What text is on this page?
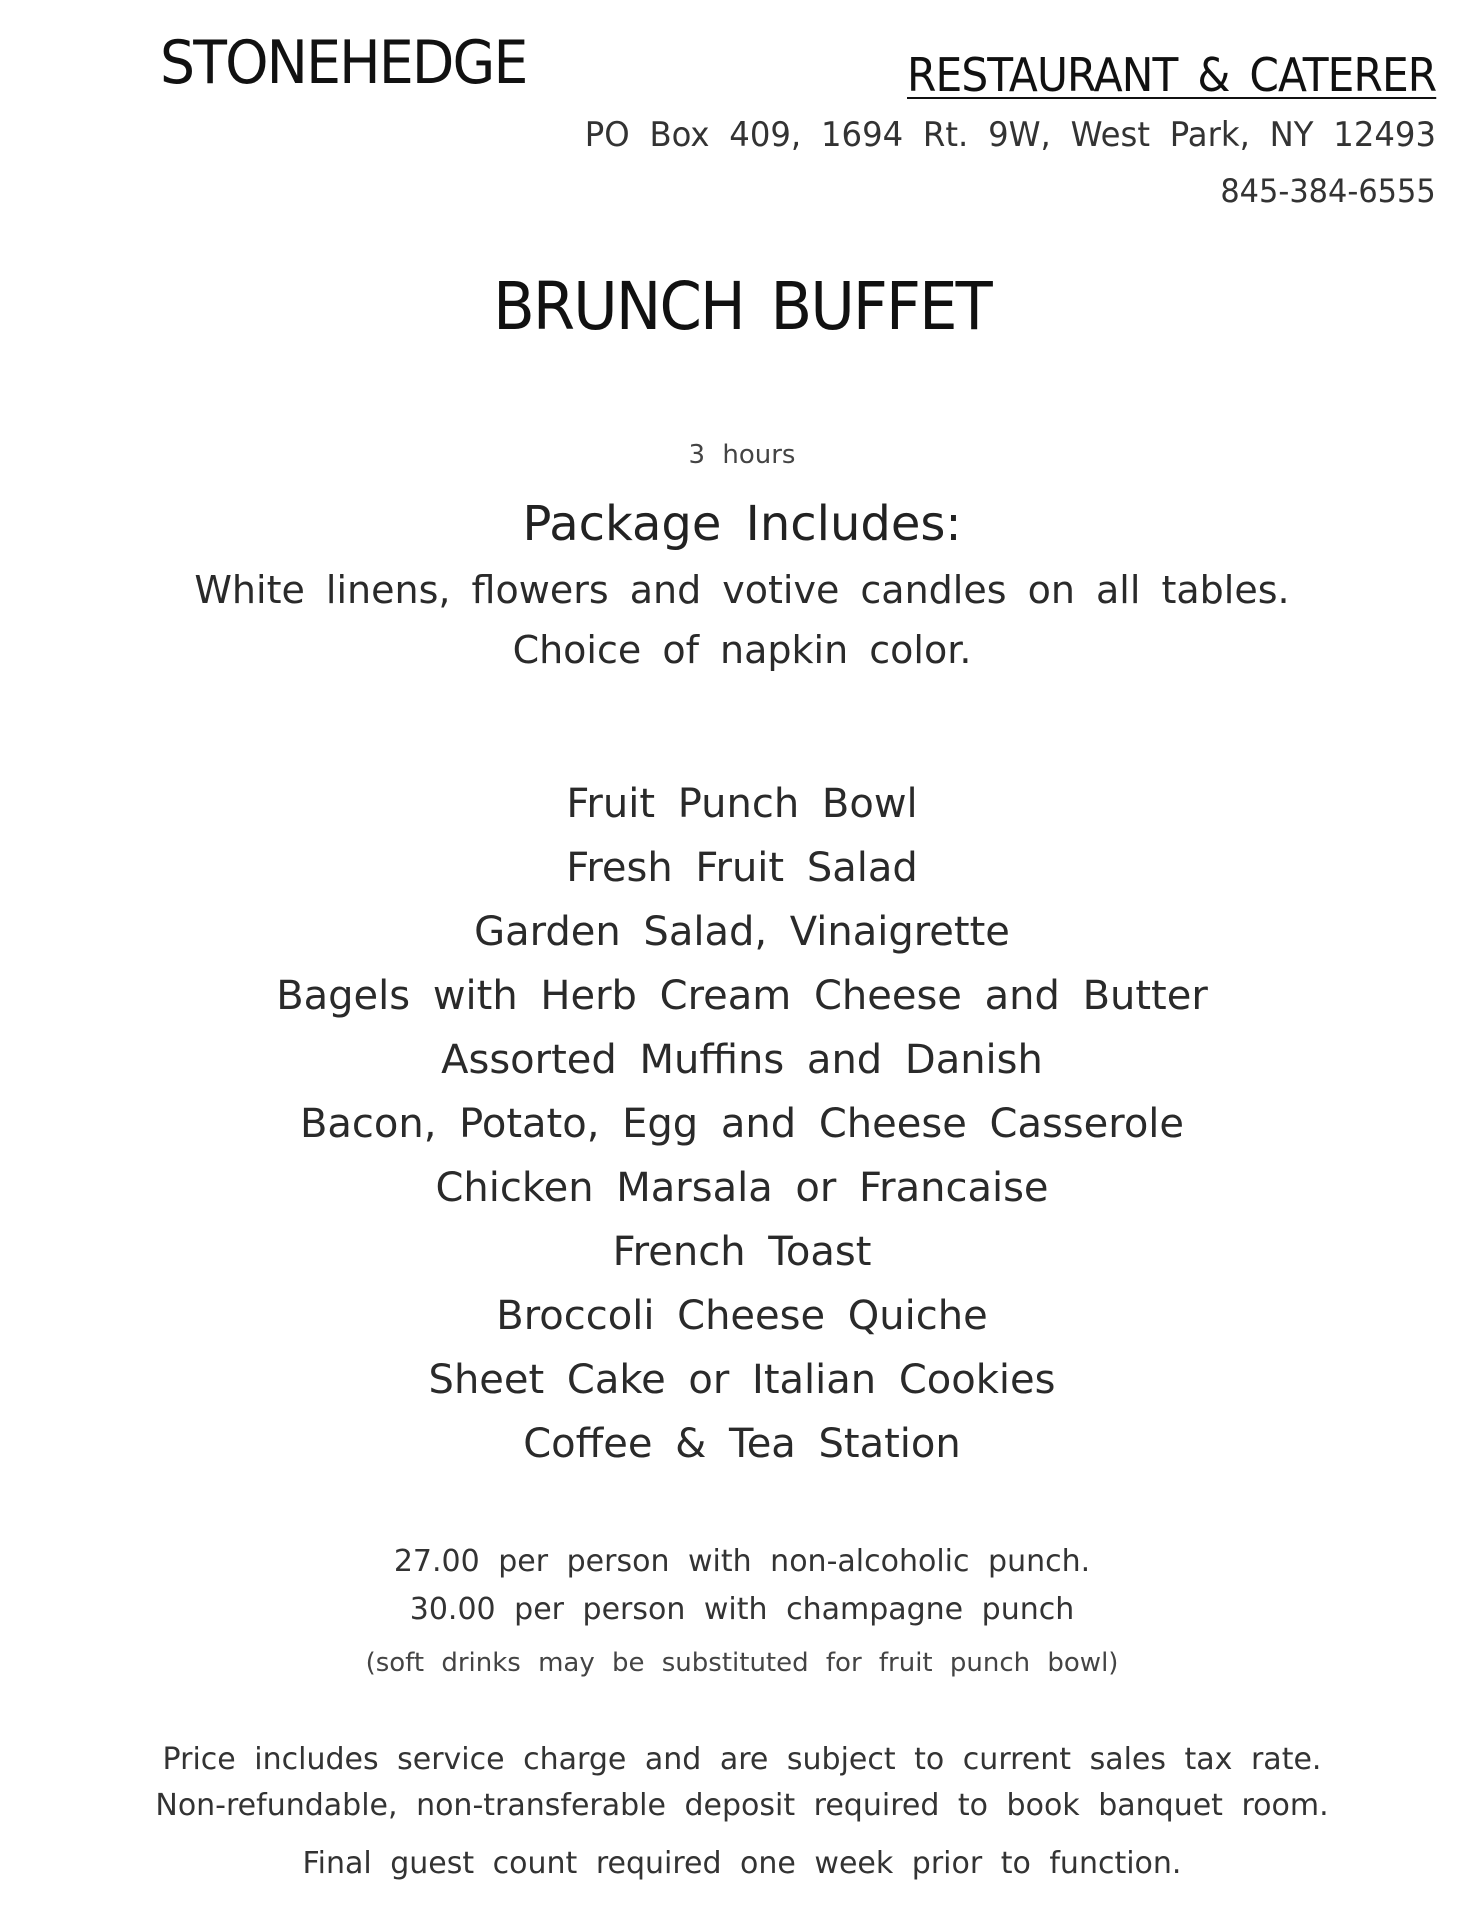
STONEHEDGE	RESTAURANT & CATERER
PO Box 409, 1694 Rt. 9W, West Park, NY 12493
845-384-6555
BRUNCH BUFFET
3 hours
Package Includes:
White linens, flowers and votive candles on all tables.
Choice of napkin color.
Fruit Punch Bowl
Fresh Fruit Salad
Garden Salad, Vinaigrette
Bagels with Herb Cream Cheese and Butter
Assorted Muffins and Danish
Bacon, Potato, Egg and Cheese Casserole
Chicken Marsala or Francaise
French Toast
Broccoli Cheese Quiche
Sheet Cake or Italian Cookies
Coffee & Tea Station
27.00 per person with non-alcoholic punch.
30.00 per person with champagne punch
(soft drinks may be substituted for fruit punch bowl)
Price includes service charge and are subject to current sales tax rate.
Non-refundable, non-transferable deposit required to book banquet room.
Final guest count required one week prior to function.
